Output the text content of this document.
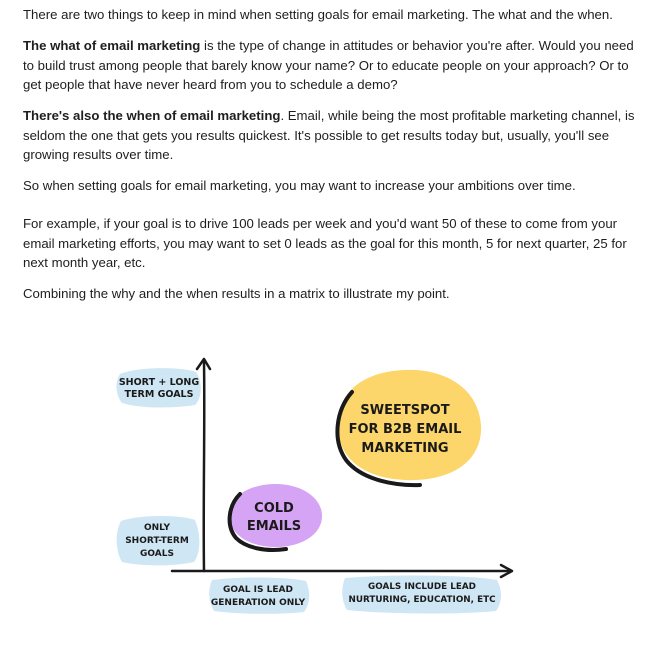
There are two things to keep in mind when setting goals for email marketing. The what and the when.

The what of email marketing is the type of change in attitudes or behavior you're after. Would you need to build trust among people that barely know your name? Or to educate people on your approach? Or to get people that have never heard from you to schedule a demo?

There's also the when of email marketing. Email, while being the most profitable marketing channel, is seldom the one that gets you results quickest. It's possible to get results today but, usually, you'll see growing results over time.

So when setting goals for email marketing, you may want to increase your ambitions over time.

For example, if your goal is to drive 100 leads per week and you'd want 50 of these to come from your email marketing efforts, you may want to set 0 leads as the goal for this month, 5 for next quarter, 25 for next month year, etc.

Combining the why and the when results in a matrix to illustrate my point.

SHORT + LONG
TERM GOALS
ONLY
SHORT-TERM
GOALS
GOAL IS LEAD
GENERATION ONLY
GOALS INCLUDE LEAD
NURTURING, EDUCATION, ETC
SWEETSPOT
FOR B2B EMAIL
MARKETING
COLD
EMAILS
